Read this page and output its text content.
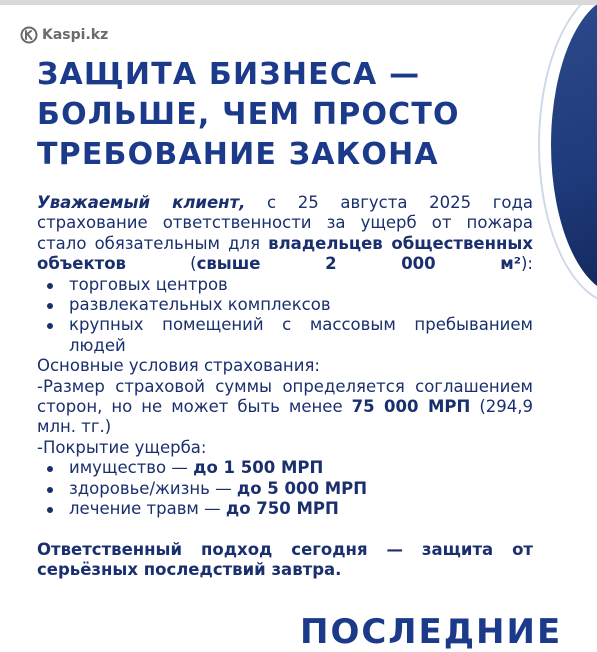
Kaspi.kz
ЗАЩИТА БИЗНЕСА —
БОЛЬШЕ, ЧЕМ ПРОСТО
ТРЕБОВАНИЕ ЗАКОНА

Уважаемый клиент, с 25 августа 2025 года страхование ответственности за ущерб от пожара стало обязательным для владельцев общественных объектов (свыше 2 000 м²):

торговых центров
развлекательных комплексов
крупных помещений с массовым пребыванием людей

Основные условия страхования:

-Размер страховой суммы определяется соглашением сторон, но не может быть менее 75 000 МРП (294,9 млн. тг.)

-Покрытие ущерба:

имущество — до 1 500 МРП
здоровье/жизнь — до 5 000 МРП
лечение травм — до 750 МРП

Ответственный подход сегодня — защита от серьёзных последствий завтра.

ПОСЛЕДНИЕ
